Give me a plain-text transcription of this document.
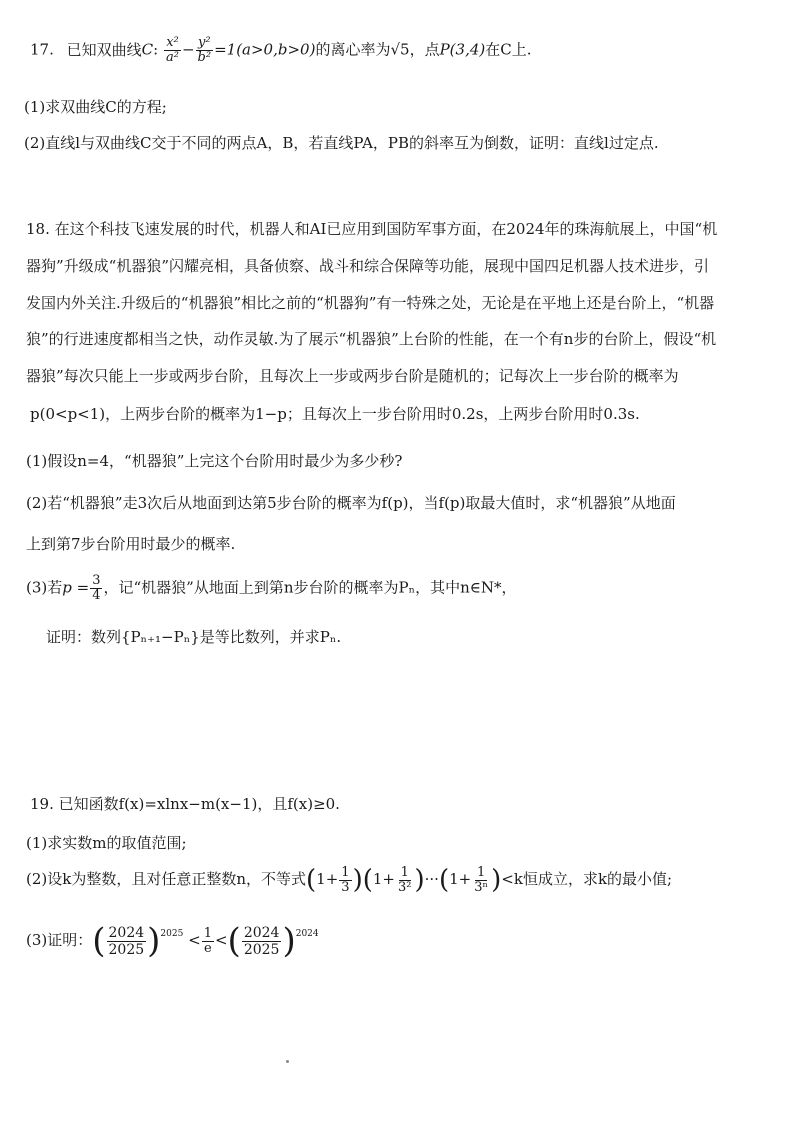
17. 已知双曲线C: $\frac{\text{x²}}{\text{a²}} - \frac{\text{y²}}{\text{b²}} =1(a>0,b>0)$的离心率为√5，点P(3,4)在C上.
(1)求双曲线C的方程;
(2)直线l与双曲线C交于不同的两点A，B，若直线PA，PB的斜率互为倒数，证明：直线l过定点.
18. 在这个科技飞速发展的时代，机器人和AI已应用到国防军事方面，在2024年的珠海航展上，中国“机
器狗”升级成“机器狼”闪耀亮相，具备侦察、战斗和综合保障等功能，展现中国四足机器人技术进步，引
发国内外关注.升级后的“机器狼”相比之前的“机器狗”有一特殊之处，无论是在平地上还是台阶上，“机器
狼”的行进速度都相当之快，动作灵敏.为了展示“机器狼”上台阶的性能，在一个有n步的台阶上，假设“机
器狼”每次只能上一步或两步台阶，且每次上一步或两步台阶是随机的；记每次上一步台阶的概率为
p(0<p<1)，上两步台阶的概率为1−p；且每次上一步台阶用时0.2s，上两步台阶用时0.3s.
(1)假设n=4，“机器狼”上完这个台阶用时最少为多少秒?
(2)若“机器狼”走3次后从地面到达第5步台阶的概率为f(p)，当f(p)取最大值时，求“机器狼”从地面
上到第7步台阶用时最少的概率.
(3)若$p = \frac{3}{4}$ ，记“机器狼”从地面上到第n步台阶的概率为Pₙ，其中n∈N*，
证明：数列{Pₙ₊₁−Pₙ}是等比数列，并求Pₙ.
19. 已知函数f(x)=xlnx−m(x−1)，且f(x)≥0.
(1)求实数m的取值范围;
(2)设k为整数，且对任意正整数n，不等式$(1+ \frac{1}{3} )(1+ \frac{1}{\text{3²}} )\cdot\cdot\cdot(1+ \frac{1}{\text{3ⁿ}} )<k$恒成立，求k的最小值;
(3)证明：( $\frac{2024}{2025} )^{2025} < \frac{1}{e}$ <( $\frac{2024}{2025} )^{2024}$
